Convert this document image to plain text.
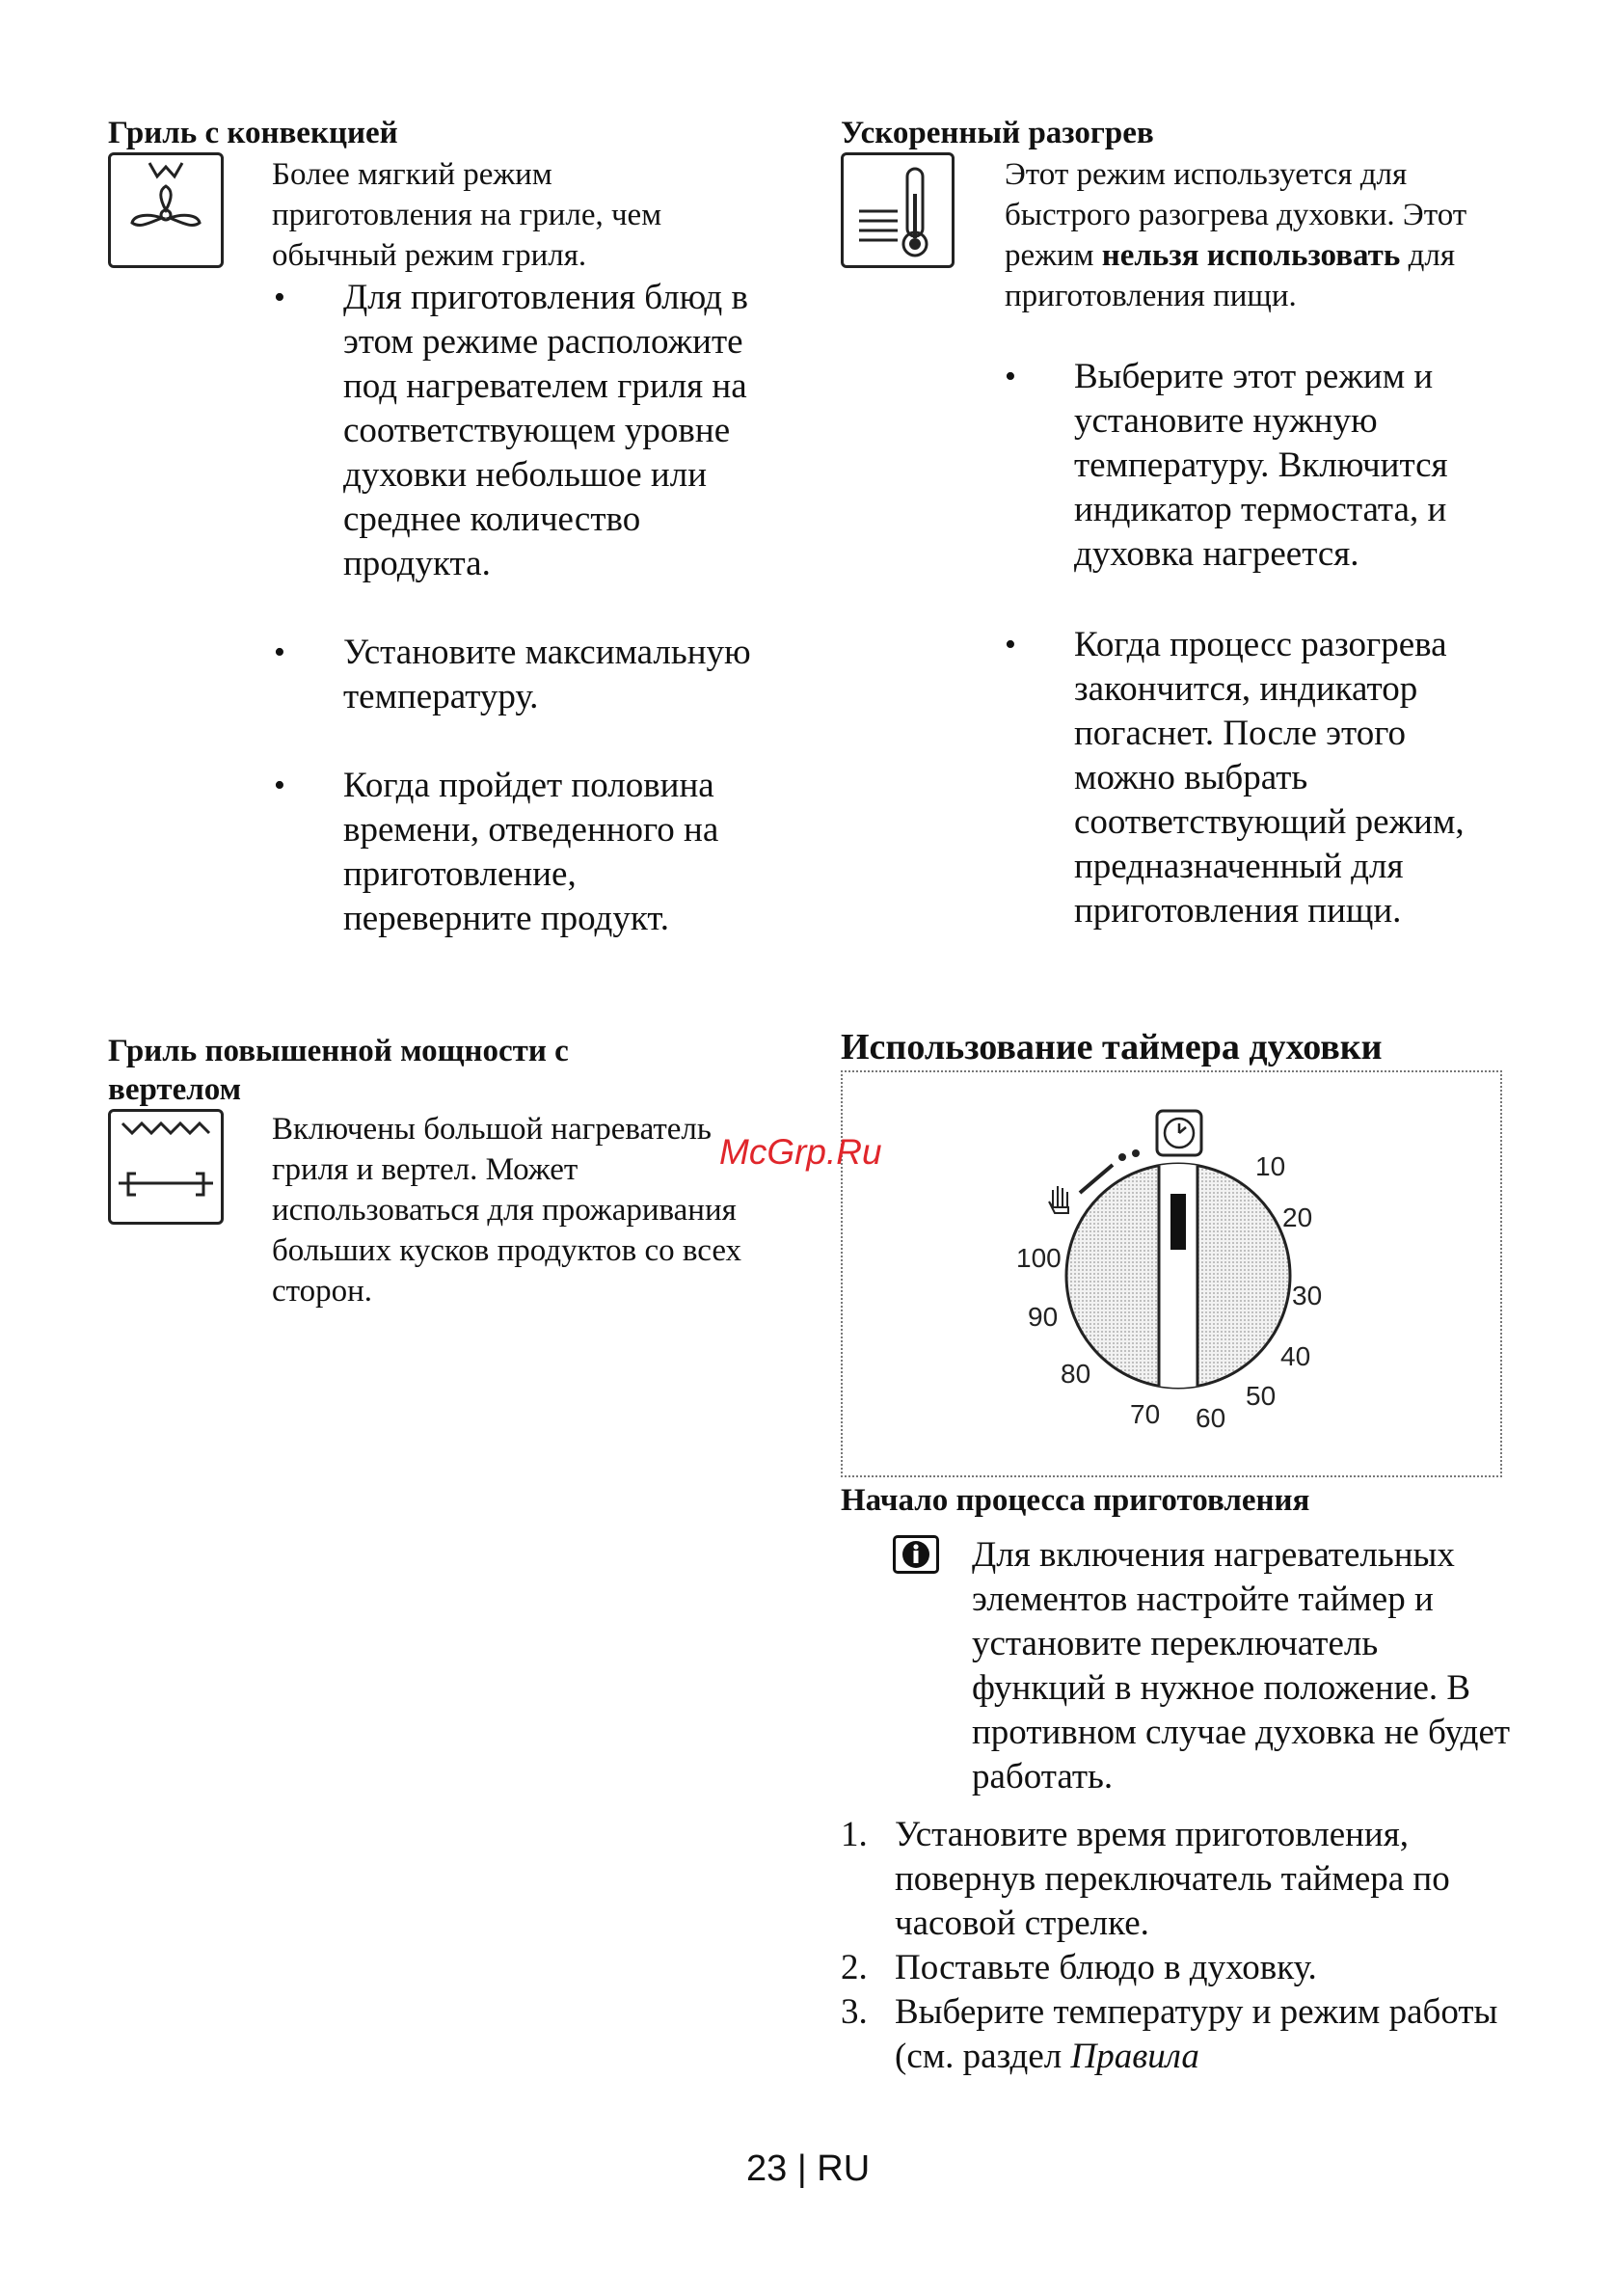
Гриль с конвекцией
Более мягкий режим приготовления на гриле, чем обычный режим гриля.
• Для приготовления блюд в этом режиме расположите под нагревателем гриля на соответствующем уровне духовки небольшое или среднее количество продукта.
• Установите максимальную температуру.
• Когда пройдет половина времени, отведенного на приготовление, переверните продукт.
Гриль повышенной мощности с вертелом
Включены большой нагреватель гриля и вертел. Может использоваться для прожаривания больших кусков продуктов со всех сторон.
Ускоренный разогрев
Этот режим используется для быстрого разогрева духовки. Этот режим нельзя использовать для приготовления пищи.
• Выберите этот режим и установите нужную температуру. Включится индикатор термостата, и духовка нагреется.
• Когда процесс разогрева закончится, индикатор погаснет. После этого можно выбрать соответствующий режим, предназначенный для приготовления пищи.
Использование таймера духовки
10
20
30
40
50
60
70
80
90
100
McGrp.Ru
Начало процесса приготовления
Для включения нагревательных элементов настройте таймер и установите переключатель функций в нужное положение. В противном случае духовка не будет работать.
1. Установите время приготовления, повернув переключатель таймера по часовой стрелке.
2. Поставьте блюдо в духовку.
3. Выберите температуру и режим работы (см. раздел Правила
23 | RU
